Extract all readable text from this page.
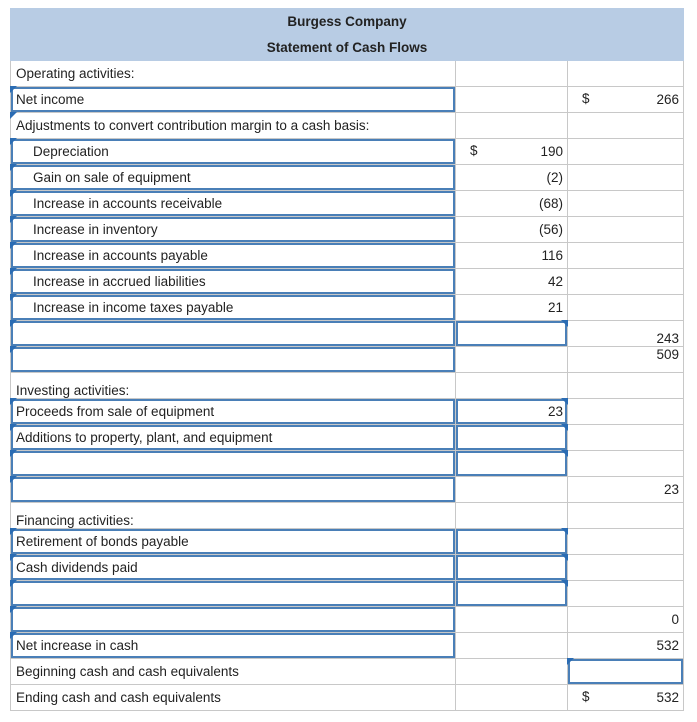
Burgess Company		
Statement of Cash Flows		
Operating activities:		
Net income		$ 266

Adjustments to convert contribution margin to a cash basis:		
Depreciation	$ 190	
Gain on sale of equipment	(2)	
Increase in accounts receivable	(68)	
Increase in inventory	(56)	
Increase in accounts payable	116	
Increase in accrued liabilities	42	
Increase in income taxes payable	21	
		243
		509
Investing activities:		
Proceeds from sale of equipment	23	
Additions to property, plant, and equipment		

		23
Financing activities:		
Retirement of bonds payable		
Cash dividends paid		

		0
Net increase in cash		532
Beginning cash and cash equivalents		
Ending cash and cash equivalents		$ 532
